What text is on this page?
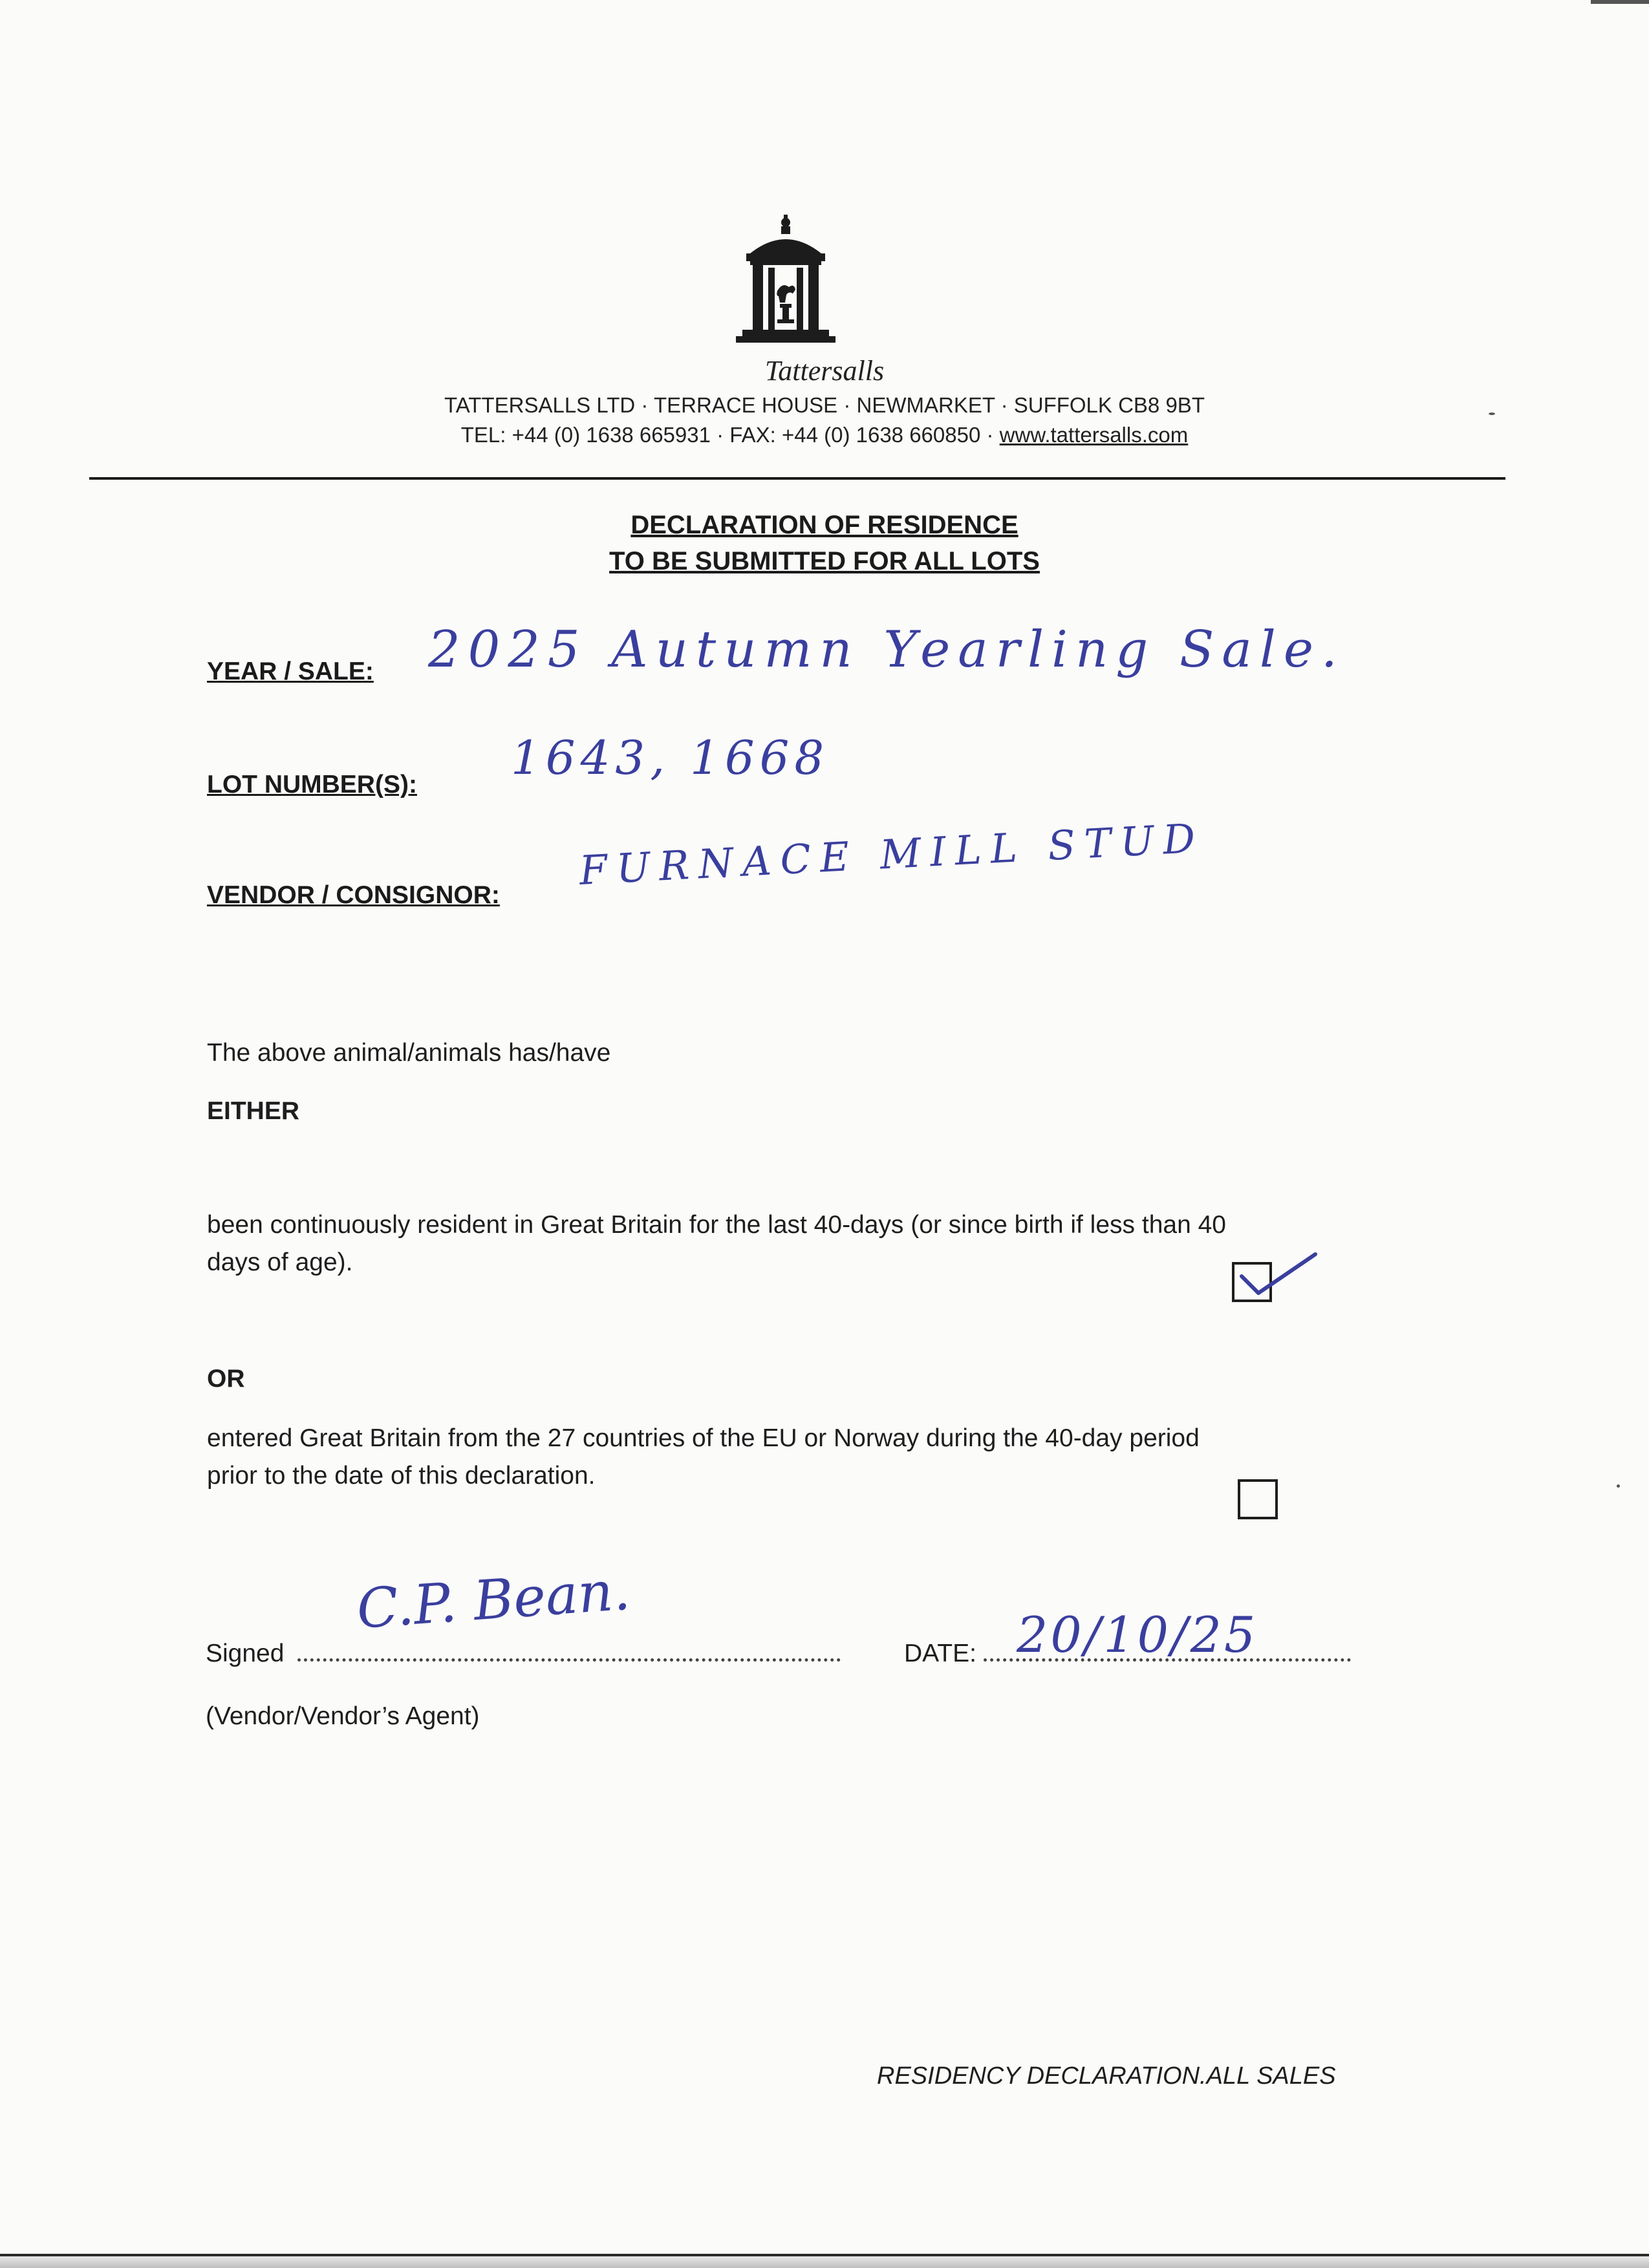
Tattersalls
TATTERSALLS LTD · TERRACE HOUSE · NEWMARKET · SUFFOLK CB8 9BT
TEL: +44 (0) 1638 665931 · FAX: +44 (0) 1638 660850 · www.tattersalls.com
DECLARATION OF RESIDENCE
TO BE SUBMITTED FOR ALL LOTS
YEAR / SALE: 2025 Autumn Yearling Sale.
LOT NUMBER(S): 1643, 1668
VENDOR / CONSIGNOR:
FURNACE MILL STUD
The above animal/animals has/have
EITHER
been continuously resident in Great Britain for the last 40-days (or since birth if less than 40
days of age).
OR
entered Great Britain from the 27 countries of the EU or Norway during the 40-day period
prior to the date of this declaration.
Signed
C.P. Bean.
DATE: 20/10/25
(Vendor/Vendor’s Agent)
RESIDENCY DECLARATION.ALL SALES
